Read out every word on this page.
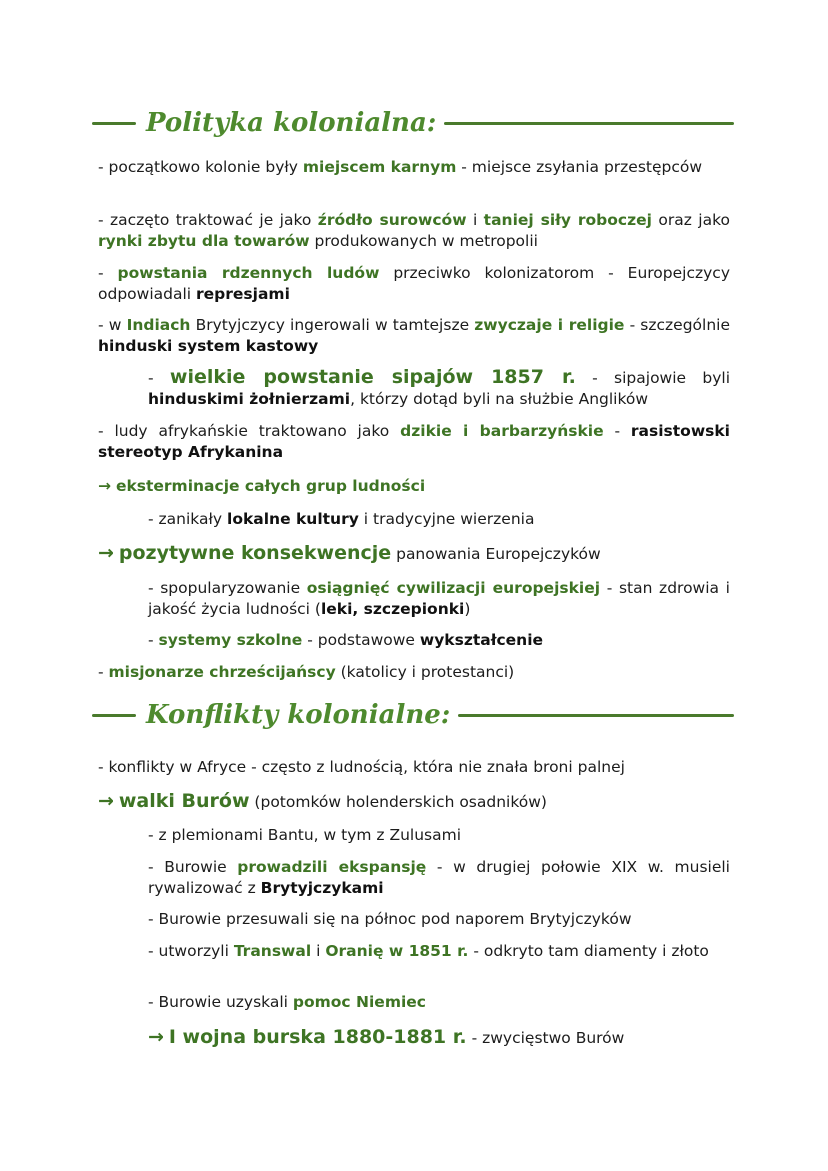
Polityka kolonialna:
- początkowo kolonie były miejscem karnym - miejsce zsyłania przestępców
- zaczęto traktować je jako źródło surowców i taniej siły roboczej oraz jako rynki zbytu dla towarów produkowanych w metropolii
- powstania rdzennych ludów przeciwko kolonizatorom - Europejczycy odpowiadali represjami
- w Indiach Brytyjczycy ingerowali w tamtejsze zwyczaje i religie - szczególnie hinduski system kastowy
- wielkie powstanie sipajów 1857 r. - sipajowie byli hinduskimi żołnierzami, którzy dotąd byli na służbie Anglików
- ludy afrykańskie traktowano jako dzikie i barbarzyńskie - rasistowski stereotyp Afrykanina
→ eksterminacje całych grup ludności
- zanikały lokalne kultury i tradycyjne wierzenia
→ pozytywne konsekwencje panowania Europejczyków
- spopularyzowanie osiągnięć cywilizacji europejskiej - stan zdrowia i jakość życia ludności (leki, szczepionki)
- systemy szkolne - podstawowe wykształcenie
- misjonarze chrześcijańscy (katolicy i protestanci)
Konflikty kolonialne:
- konflikty w Afryce - często z ludnością, która nie znała broni palnej
→ walki Burów (potomków holenderskich osadników)
- z plemionami Bantu, w tym z Zulusami
- Burowie prowadzili ekspansję - w drugiej połowie XIX w. musieli rywalizować z Brytyjczykami
- Burowie przesuwali się na północ pod naporem Brytyjczyków
- utworzyli Transwal i Oranię w 1851 r. - odkryto tam diamenty i złoto
- Burowie uzyskali pomoc Niemiec
→ I wojna burska 1880-1881 r. - zwycięstwo Burów
